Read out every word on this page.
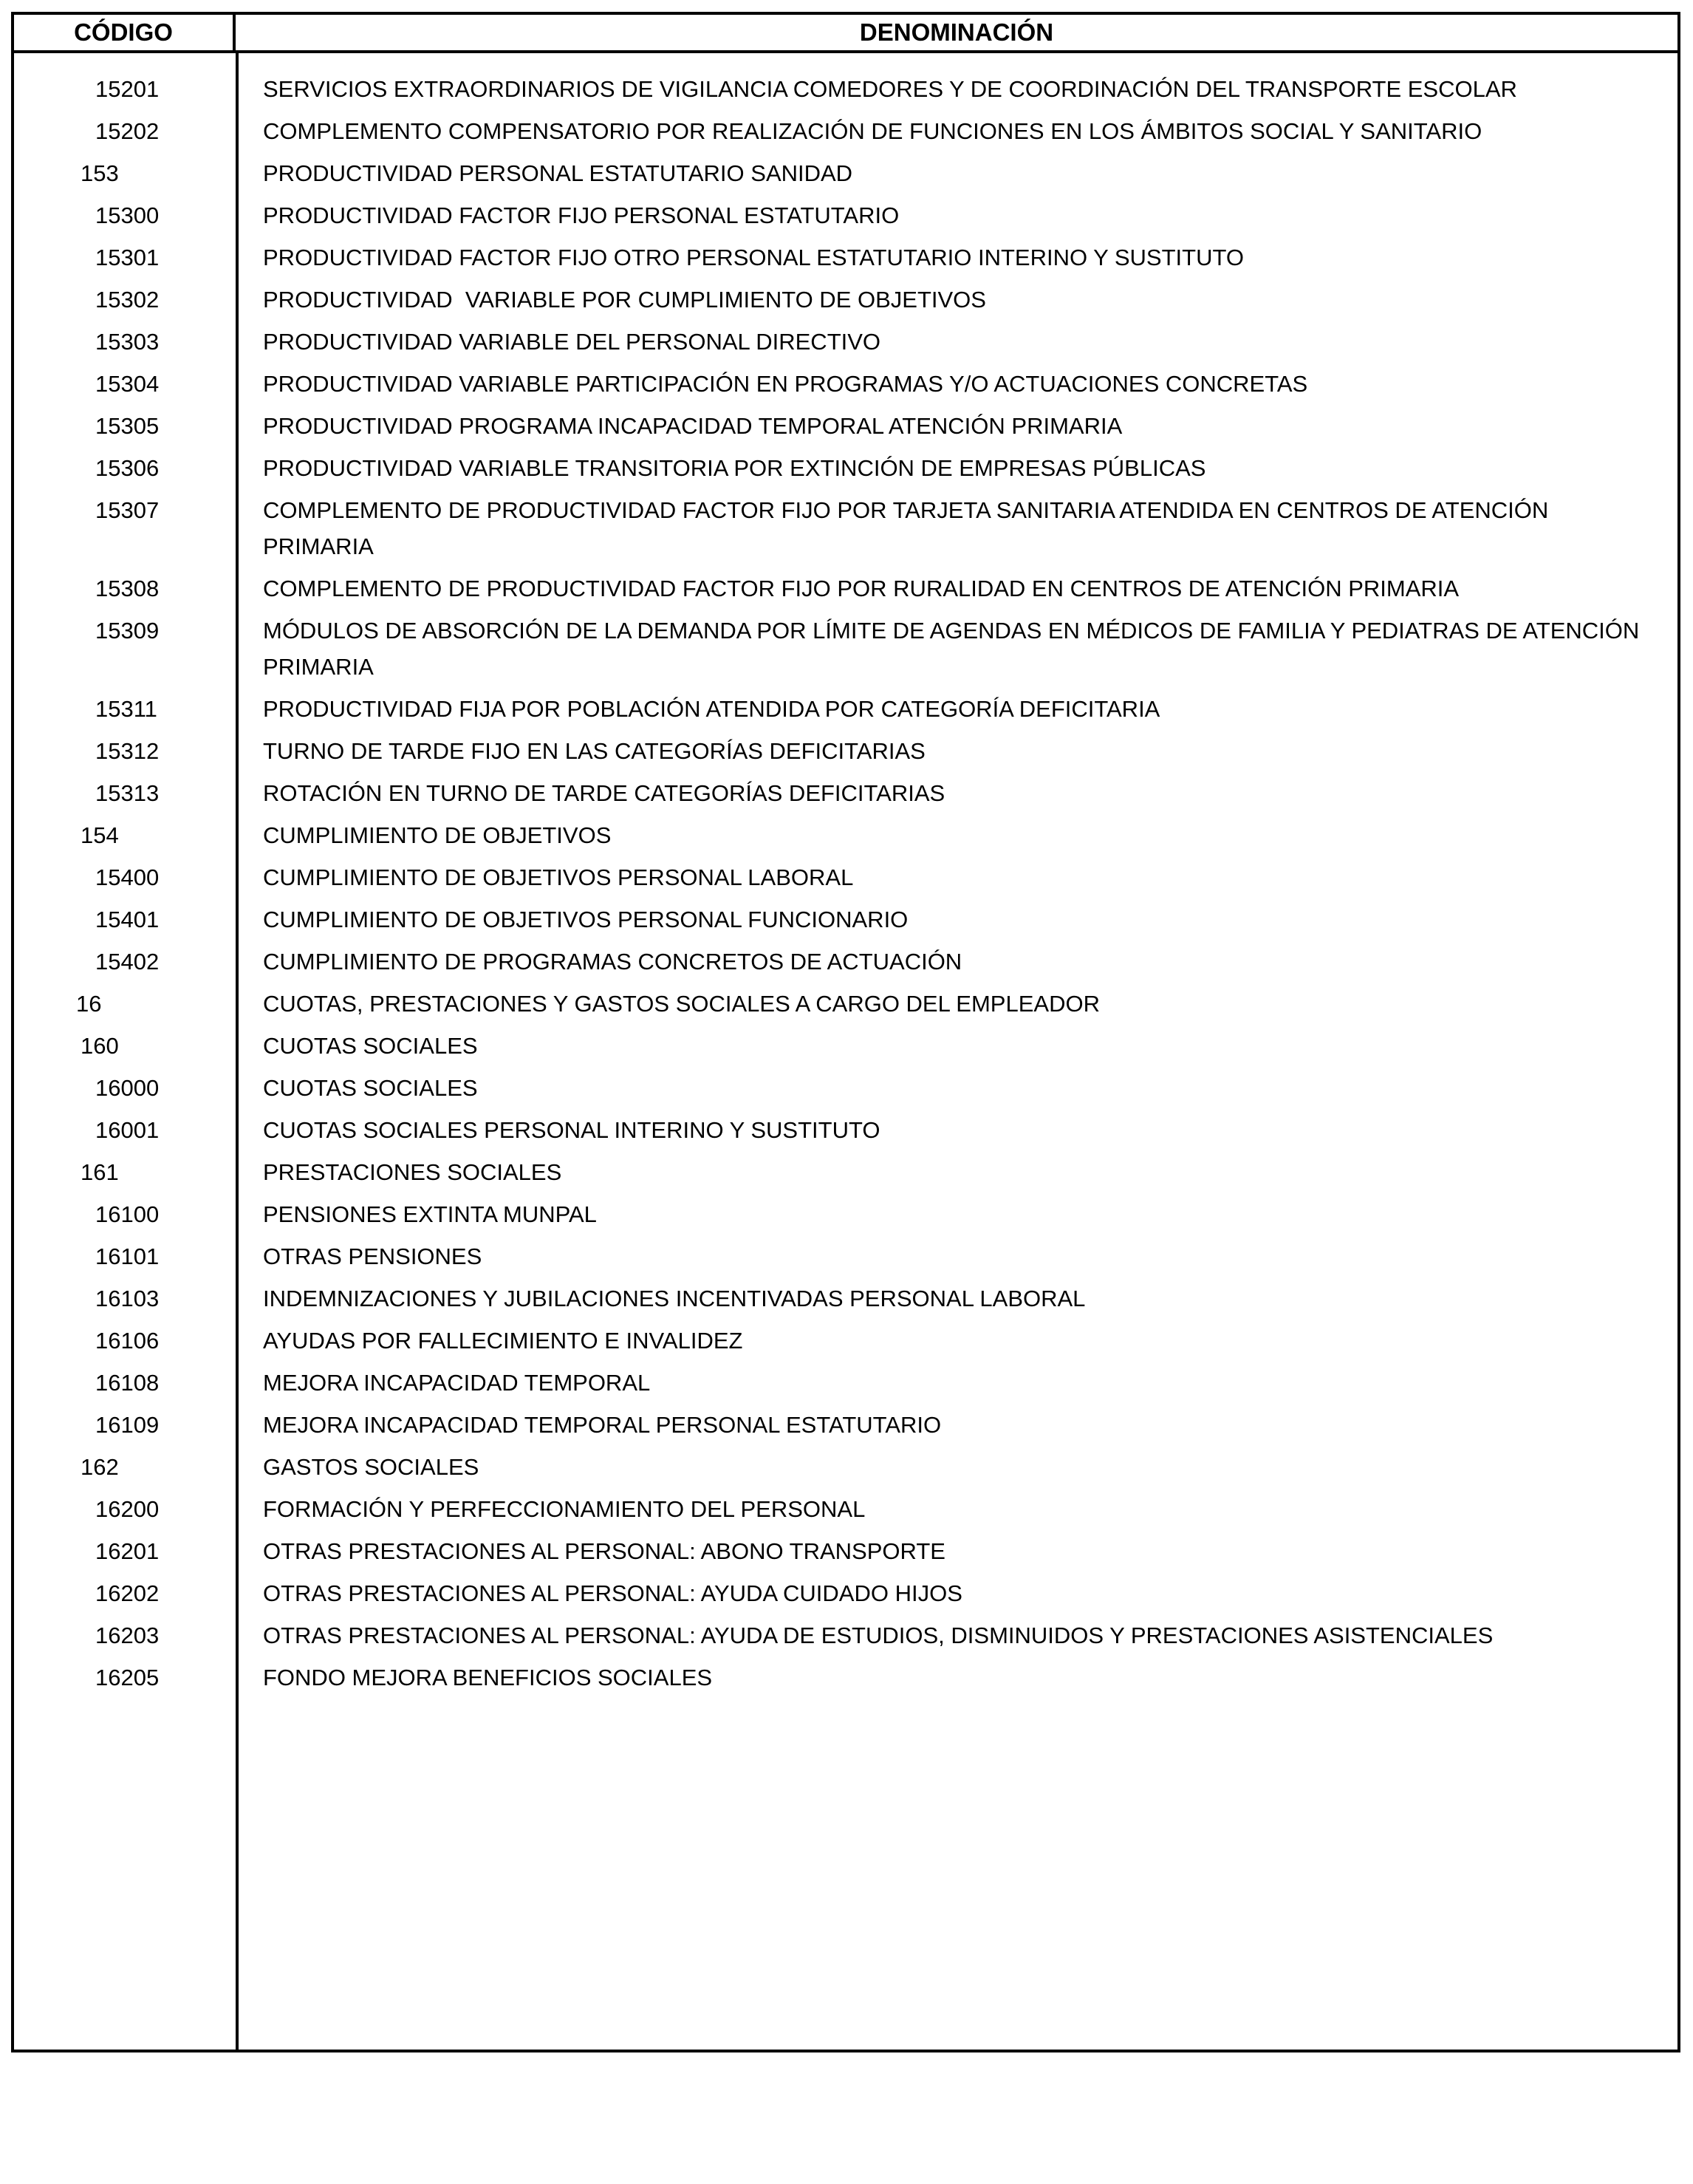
CÓDIGO	DENOMINACIÓN
15201	SERVICIOS EXTRAORDINARIOS DE VIGILANCIA COMEDORES Y DE COORDINACIÓN DEL TRANSPORTE ESCOLAR
15202	COMPLEMENTO COMPENSATORIO POR REALIZACIÓN DE FUNCIONES EN LOS ÁMBITOS SOCIAL Y SANITARIO
153	PRODUCTIVIDAD PERSONAL ESTATUTARIO SANIDAD
15300	PRODUCTIVIDAD FACTOR FIJO PERSONAL ESTATUTARIO
15301	PRODUCTIVIDAD FACTOR FIJO OTRO PERSONAL ESTATUTARIO INTERINO Y SUSTITUTO
15302	PRODUCTIVIDAD  VARIABLE POR CUMPLIMIENTO DE OBJETIVOS
15303	PRODUCTIVIDAD VARIABLE DEL PERSONAL DIRECTIVO
15304	PRODUCTIVIDAD VARIABLE PARTICIPACIÓN EN PROGRAMAS Y/O ACTUACIONES CONCRETAS
15305	PRODUCTIVIDAD PROGRAMA INCAPACIDAD TEMPORAL ATENCIÓN PRIMARIA
15306	PRODUCTIVIDAD VARIABLE TRANSITORIA POR EXTINCIÓN DE EMPRESAS PÚBLICAS
15307	COMPLEMENTO DE PRODUCTIVIDAD FACTOR FIJO POR TARJETA SANITARIA ATENDIDA EN CENTROS DE ATENCIÓN PRIMARIA
15308	COMPLEMENTO DE PRODUCTIVIDAD FACTOR FIJO POR RURALIDAD EN CENTROS DE ATENCIÓN PRIMARIA
15309	MÓDULOS DE ABSORCIÓN DE LA DEMANDA POR LÍMITE DE AGENDAS EN MÉDICOS DE FAMILIA Y PEDIATRAS DE ATENCIÓN PRIMARIA
15311	PRODUCTIVIDAD FIJA POR POBLACIÓN ATENDIDA POR CATEGORÍA DEFICITARIA
15312	TURNO DE TARDE FIJO EN LAS CATEGORÍAS DEFICITARIAS
15313	ROTACIÓN EN TURNO DE TARDE CATEGORÍAS DEFICITARIAS
154	CUMPLIMIENTO DE OBJETIVOS
15400	CUMPLIMIENTO DE OBJETIVOS PERSONAL LABORAL
15401	CUMPLIMIENTO DE OBJETIVOS PERSONAL FUNCIONARIO
15402	CUMPLIMIENTO DE PROGRAMAS CONCRETOS DE ACTUACIÓN
16	CUOTAS, PRESTACIONES Y GASTOS SOCIALES A CARGO DEL EMPLEADOR
160	CUOTAS SOCIALES
16000	CUOTAS SOCIALES
16001	CUOTAS SOCIALES PERSONAL INTERINO Y SUSTITUTO
161	PRESTACIONES SOCIALES
16100	PENSIONES EXTINTA MUNPAL
16101	OTRAS PENSIONES
16103	INDEMNIZACIONES Y JUBILACIONES INCENTIVADAS PERSONAL LABORAL
16106	AYUDAS POR FALLECIMIENTO E INVALIDEZ
16108	MEJORA INCAPACIDAD TEMPORAL
16109	MEJORA INCAPACIDAD TEMPORAL PERSONAL ESTATUTARIO
162	GASTOS SOCIALES
16200	FORMACIÓN Y PERFECCIONAMIENTO DEL PERSONAL
16201	OTRAS PRESTACIONES AL PERSONAL: ABONO TRANSPORTE
16202	OTRAS PRESTACIONES AL PERSONAL: AYUDA CUIDADO HIJOS
16203	OTRAS PRESTACIONES AL PERSONAL: AYUDA DE ESTUDIOS, DISMINUIDOS Y PRESTACIONES ASISTENCIALES
16205	FONDO MEJORA BENEFICIOS SOCIALES
